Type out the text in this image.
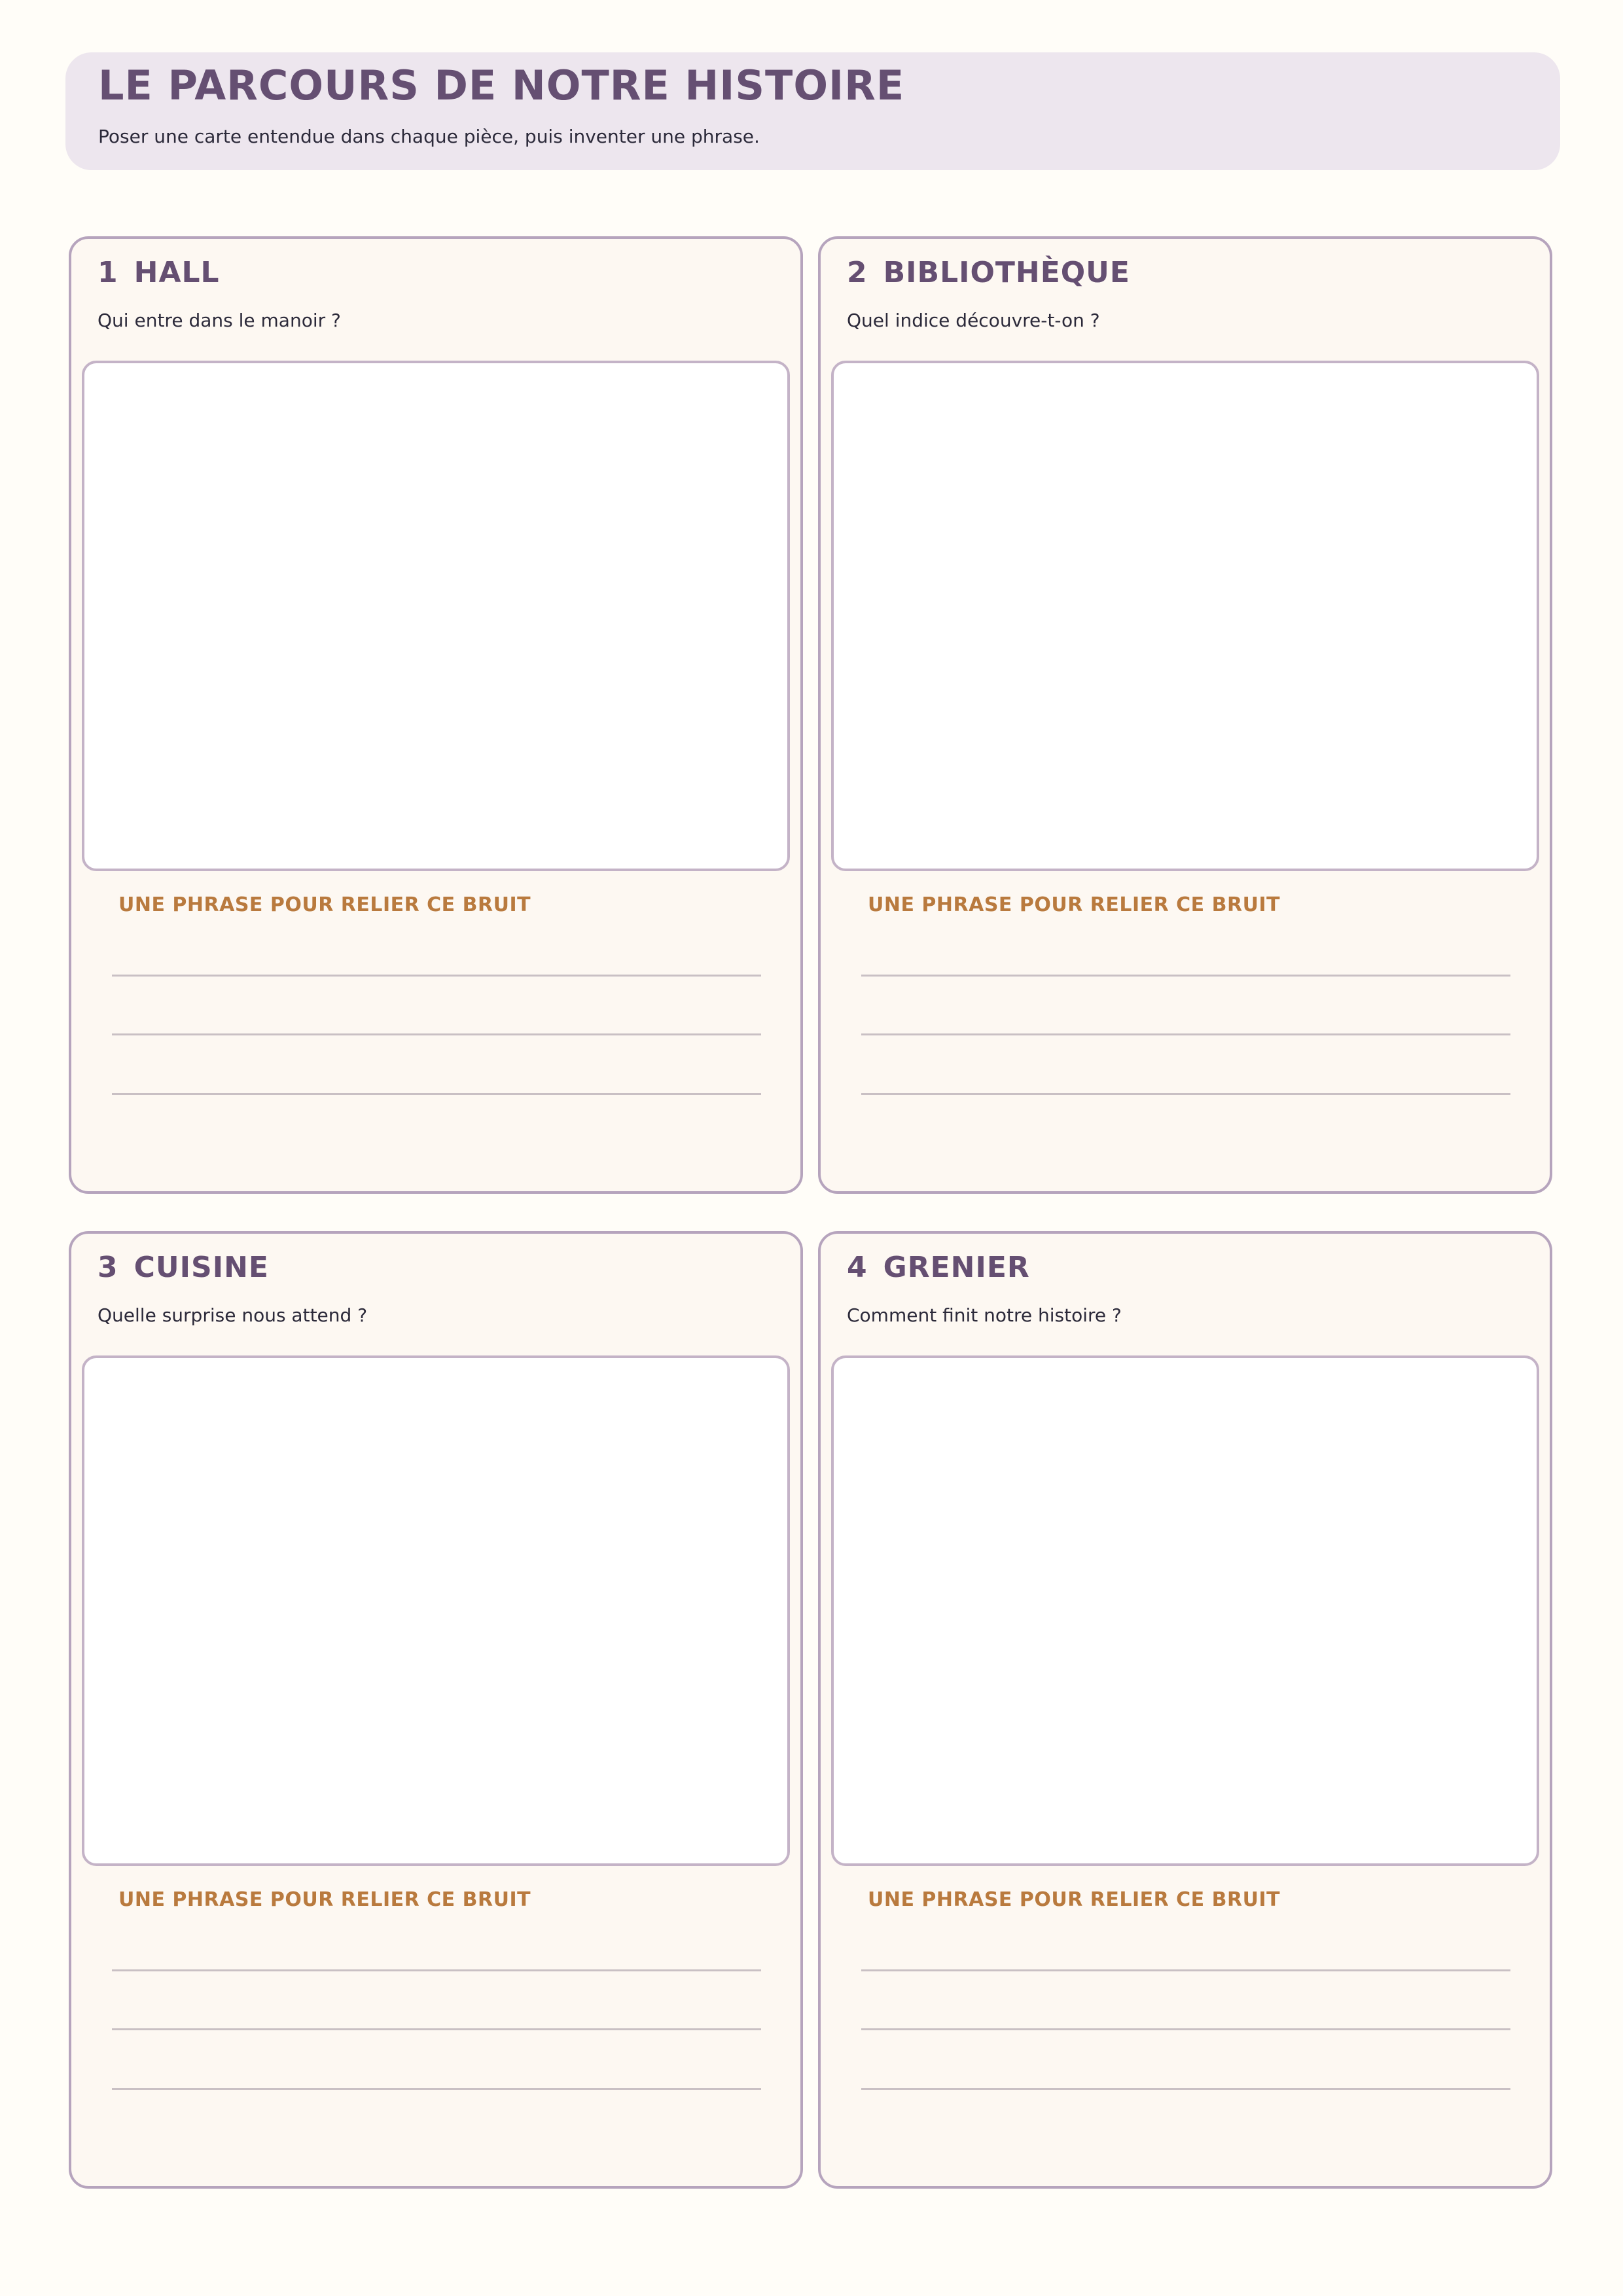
LE PARCOURS DE NOTRE HISTOIRE

Poser une carte entendue dans chaque pièce, puis inventer une phrase.

1 HALL

Qui entre dans le manoir ?

UNE PHRASE POUR RELIER CE BRUIT

2 BIBLIOTHÈQUE

Quel indice découvre-t-on ?

UNE PHRASE POUR RELIER CE BRUIT

3 CUISINE

Quelle surprise nous attend ?

UNE PHRASE POUR RELIER CE BRUIT

4 GRENIER

Comment finit notre histoire ?

UNE PHRASE POUR RELIER CE BRUIT
